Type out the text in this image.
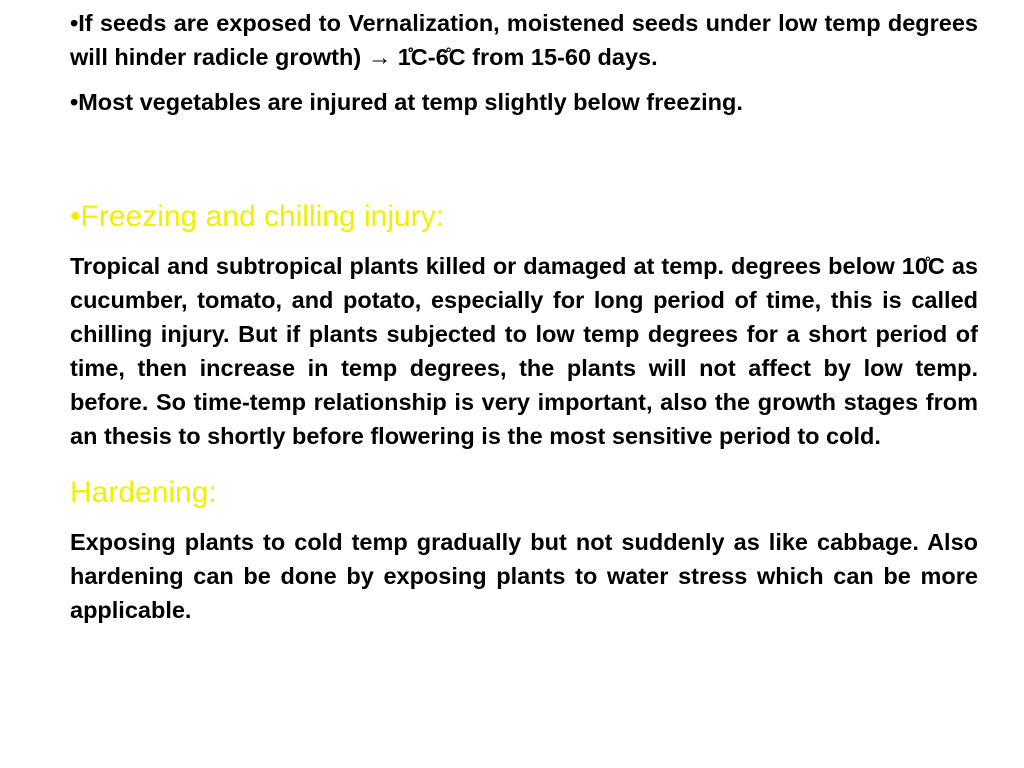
•If seeds are exposed to Vernalization, moistened seeds under low temp degrees will hinder radicle growth) → 1̊̊̊C-6̊C from 15-60 days.

•Most vegetables are injured at temp slightly below freezing.

•Freezing and chilling injury:

Tropical and subtropical plants killed or damaged at temp. degrees below 10̊C as cucumber, tomato, and potato, especially for long period of time, this is called chilling injury. But if plants subjected to low temp degrees for a short period of time, then increase in temp degrees, the plants will not affect by low temp. before. So time-temp relationship is very important, also the growth stages from an thesis to shortly before flowering is the most sensitive period to cold.

Hardening:

Exposing plants to cold temp gradually but not suddenly as like cabbage. Also hardening can be done by exposing plants to water stress which can be more applicable.
